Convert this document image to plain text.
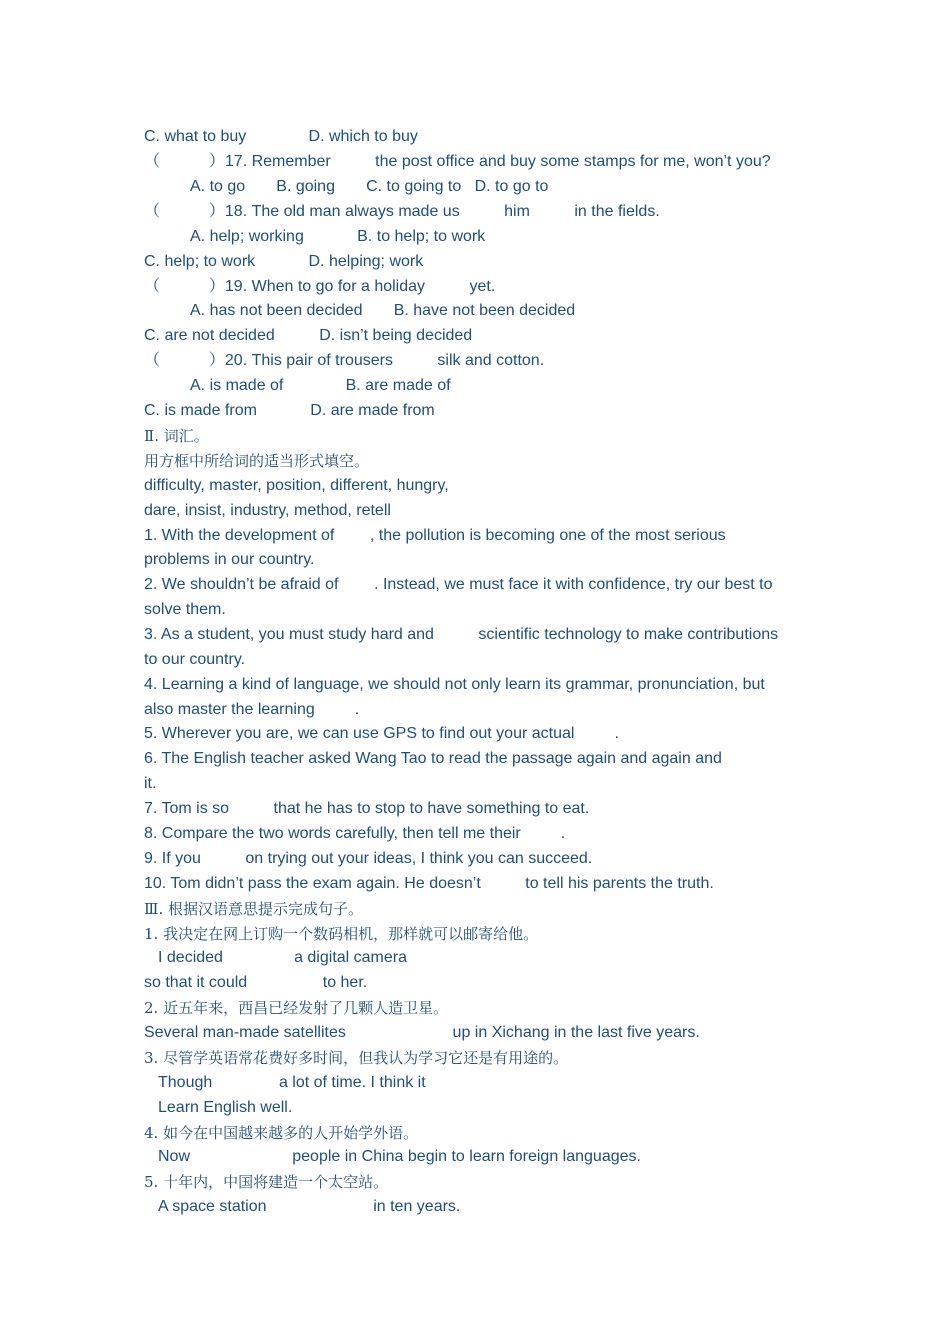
C. what to buy              D. which to buy
（           ）17. Remember          the post office and buy some stamps for me, won’t you?
A. to go       B. going       C. to going to   D. to go to
（           ）18. The old man always made us          him          in the fields.
A. help; working            B. to help; to work
C. help; to work            D. helping; work
（           ）19. When to go for a holiday          yet.
A. has not been decided       B. have not been decided
C. are not decided          D. isn’t being decided
（           ）20. This pair of trousers          silk and cotton.
A. is made of              B. are made of
C. is made from            D. are made from
Ⅱ. 词汇。
用方框中所给词的适当形式填空。
difficulty, master, position, different, hungry,
dare, insist, industry, method, retell
1. With the development of        , the pollution is becoming one of the most serious
problems in our country.
2. We shouldn’t be afraid of        . Instead, we must face it with confidence, try our best to
solve them.
3. As a student, you must study hard and          scientific technology to make contributions
to our country.
4. Learning a kind of language, we should not only learn its grammar, pronunciation, but
also master the learning         .
5. Wherever you are, we can use GPS to find out your actual         .
6. The English teacher asked Wang Tao to read the passage again and again and
it.
7. Tom is so          that he has to stop to have something to eat.
8. Compare the two words carefully, then tell me their         .
9. If you          on trying out your ideas, I think you can succeed.
10. Tom didn’t pass the exam again. He doesn’t          to tell his parents the truth.
Ⅲ. 根据汉语意思提示完成句子。
1. 我决定在网上订购一个数码相机，那样就可以邮寄给他。
I decided                a digital camera
so that it could                 to her.
2. 近五年来，西昌已经发射了几颗人造卫星。
Several man-made satellites                        up in Xichang in the last five years.
3. 尽管学英语常花费好多时间，但我认为学习它还是有用途的。
Though               a lot of time. I think it
Learn English well.
4. 如今在中国越来越多的人开始学外语。
Now                       people in China begin to learn foreign languages.
5. 十年内，中国将建造一个太空站。
A space station                        in ten years.
